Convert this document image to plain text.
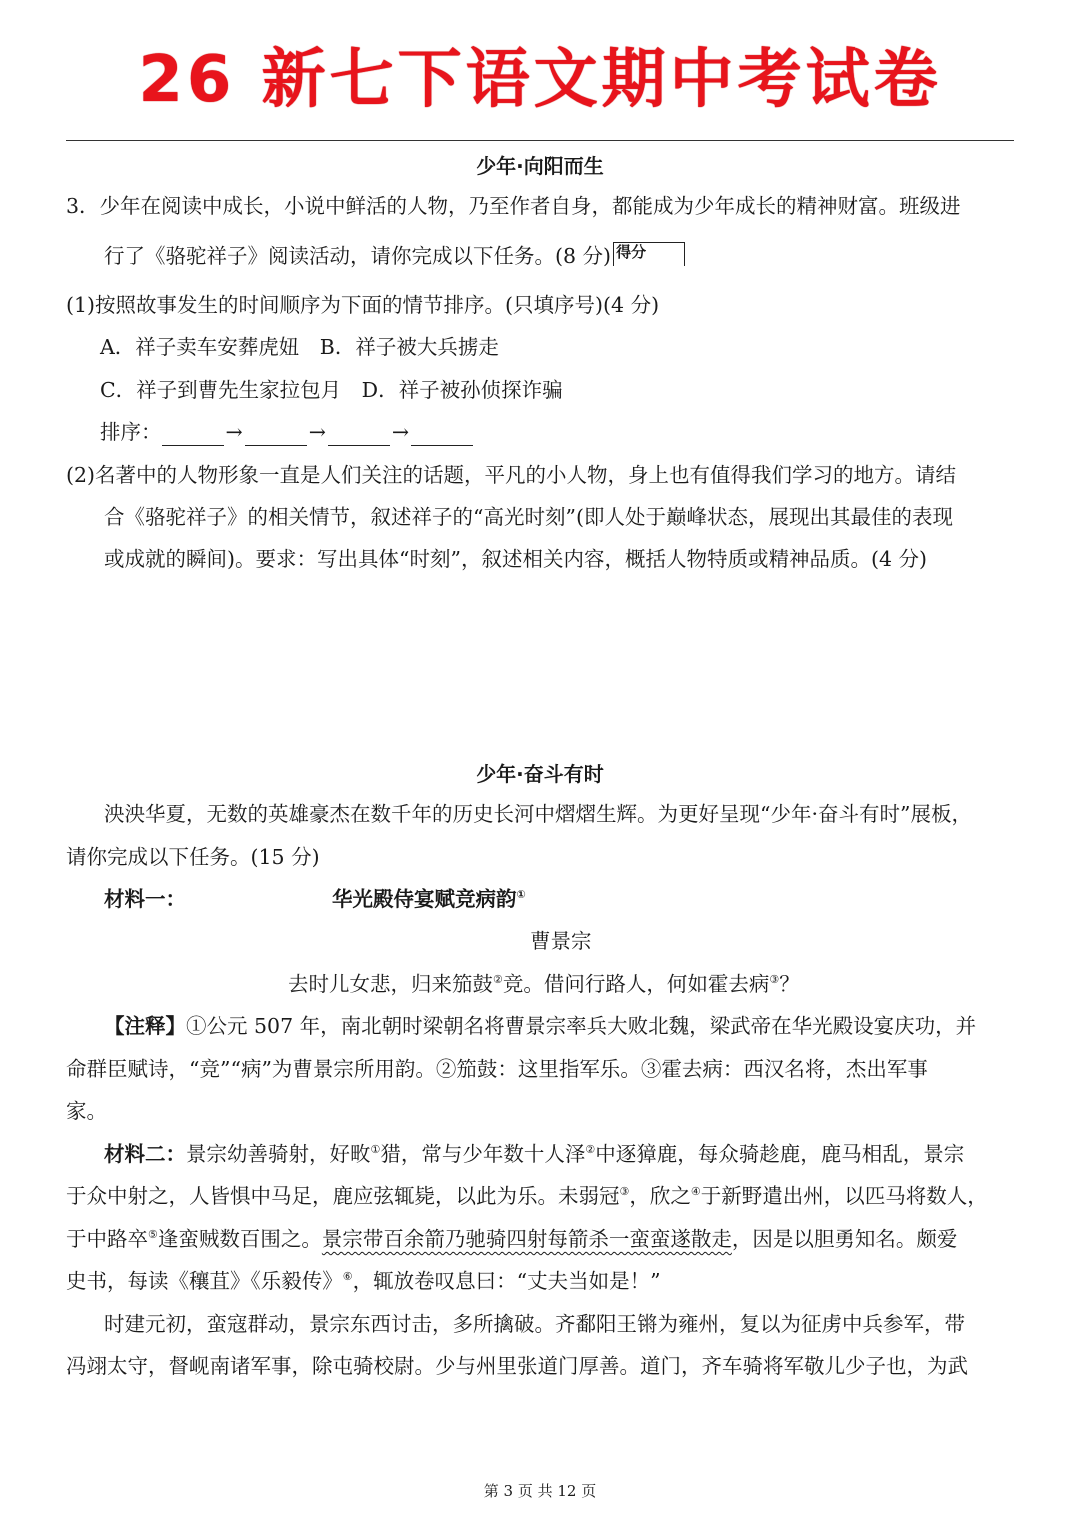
26 新七下语文期中考试卷
少年·向阳而生
3．少年在阅读中成长，小说中鲜活的人物，乃至作者自身，都能成为少年成长的精神财富。班级进
行了《骆驼祥子》阅读活动，请你完成以下任务。(8 分) 得分
(1)按照故事发生的时间顺序为下面的情节排序。(只填序号)(4 分)
A．祥子卖车安葬虎妞　B．祥子被大兵掳走
C．祥子到曹先生家拉包月　D．祥子被孙侦探诈骗
排序：	→	→	→
(2)名著中的人物形象一直是人们关注的话题，平凡的小人物，身上也有值得我们学习的地方。请结
合《骆驼祥子》的相关情节，叙述祥子的“高光时刻”(即人处于巅峰状态，展现出其最佳的表现
或成就的瞬间)。要求：写出具体“时刻”，叙述相关内容，概括人物特质或精神品质。(4 分)
少年·奋斗有时
泱泱华夏，无数的英雄豪杰在数千年的历史长河中熠熠生辉。为更好呈现“少年·奋斗有时”展板，
请你完成以下任务。(15 分)
材料一：	华光殿侍宴赋竞病韵①
曹景宗
去时儿女悲，归来笳鼓②竞。借问行路人，何如霍去病③？
【注释】①公元 507 年，南北朝时梁朝名将曹景宗率兵大败北魏，梁武帝在华光殿设宴庆功，并
命群臣赋诗，“竞”“病”为曹景宗所用韵。②笳鼓：这里指军乐。③霍去病：西汉名将，杰出军事
家。
材料二：景宗幼善骑射，好畋①猎，常与少年数十人泽②中逐獐鹿，每众骑趁鹿，鹿马相乱，景宗
于众中射之，人皆惧中马足，鹿应弦辄毙，以此为乐。未弱冠③，欣之④于新野遣出州，以匹马将数人，
于中路卒⑤逢蛮贼数百围之。景宗带百余箭乃驰骑四射每箭杀一蛮蛮遂散走，因是以胆勇知名。颇爱
史书，每读《穰苴》《乐毅传》⑥，辄放卷叹息曰：“丈夫当如是！”
时建元初，蛮寇群动，景宗东西讨击，多所擒破。齐鄱阳王锵为雍州，复以为征虏中兵参军，带
冯翊太守，督岘南诸军事，除屯骑校尉。少与州里张道门厚善。道门，齐车骑将军敬儿少子也，为武
第 3 页 共 12 页
